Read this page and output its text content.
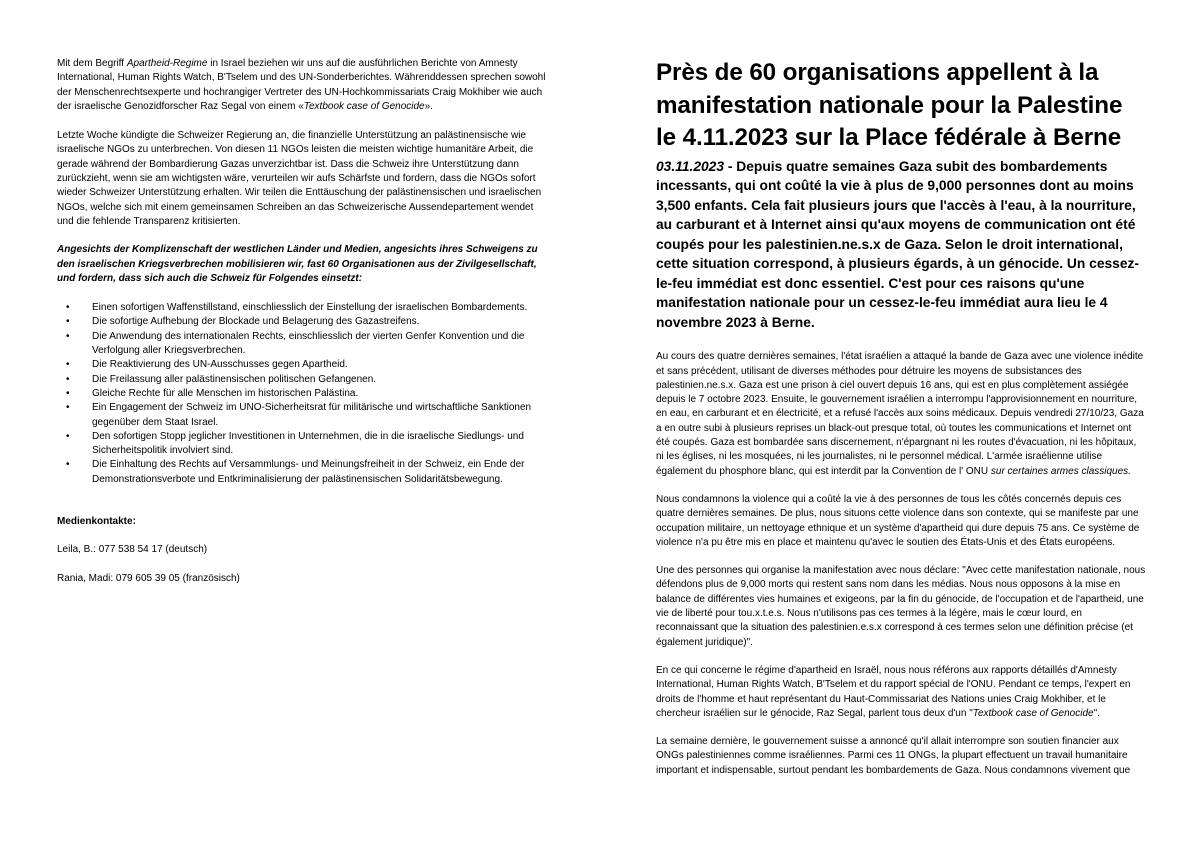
Mit dem Begriff Apartheid-Regime in Israel beziehen wir uns auf die ausführlichen Berichte von Amnesty International, Human Rights Watch, B'Tselem und des UN-Sonderberichtes. Währenddessen sprechen sowohl der Menschenrechtsexperte und hochrangiger Vertreter des UN-Hochkommissariats Craig Mokhiber wie auch der israelische Genozidforscher Raz Segal von einem «Textbook case of Genocide».

Letzte Woche kündigte die Schweizer Regierung an, die finanzielle Unterstützung an palästinensische wie israelische NGOs zu unterbrechen. Von diesen 11 NGOs leisten die meisten wichtige humanitäre Arbeit, die gerade während der Bombardierung Gazas unverzichtbar ist. Dass die Schweiz ihre Unterstützung dann zurückzieht, wenn sie am wichtigsten wäre, verurteilen wir aufs Schärfste und fordern, dass die NGOs sofort wieder Schweizer Unterstützung erhalten. Wir teilen die Enttäuschung der palästinensischen und israelischen NGOs, welche sich mit einem gemeinsamen Schreiben an das Schweizerische Aussendepartement wendet und die fehlende Transparenz kritisierten.

Angesichts der Komplizenschaft der westlichen Länder und Medien, angesichts ihres Schweigens zu den israelischen Kriegsverbrechen mobilisieren wir, fast 60 Organisationen aus der Zivilgesellschaft, und fordern, dass sich auch die Schweiz für Folgendes einsetzt:

• Einen sofortigen Waffenstillstand, einschliesslich der Einstellung der israelischen Bombardements.
• Die sofortige Aufhebung der Blockade und Belagerung des Gazastreifens.
• Die Anwendung des internationalen Rechts, einschliesslich der vierten Genfer Konvention und die Verfolgung aller Kriegsverbrechen.
• Die Reaktivierung des UN-Ausschusses gegen Apartheid.
• Die Freilassung aller palästinensischen politischen Gefangenen.
• Gleiche Rechte für alle Menschen im historischen Palästina.
• Ein Engagement der Schweiz im UNO-Sicherheitsrat für militärische und wirtschaftliche Sanktionen gegenüber dem Staat Israel.
• Den sofortigen Stopp jeglicher Investitionen in Unternehmen, die in die israelische Siedlungs- und Sicherheitspolitik involviert sind.
• Die Einhaltung des Rechts auf Versammlungs- und Meinungsfreiheit in der Schweiz, ein Ende der Demonstrationsverbote und Entkriminalisierung der palästinensischen Solidaritätsbewegung.

Medienkontakte:

Leila, B.: 077 538 54 17 (deutsch)

Rania, Madi: 079 605 39 05 (französisch)

Près de 60 organisations appellent à la manifestation nationale pour la Palestine le 4.11.2023 sur la Place fédérale à Berne

03.11.2023 - Depuis quatre semaines Gaza subit des bombardements incessants, qui ont coûté la vie à plus de 9,000 personnes dont au moins 3,500 enfants. Cela fait plusieurs jours que l'accès à l'eau, à la nourriture, au carburant et à Internet ainsi qu'aux moyens de communication ont été coupés pour les palestinien.ne.s.x de Gaza. Selon le droit international, cette situation correspond, à plusieurs égards, à un génocide. Un cessez-le-feu immédiat est donc essentiel. C'est pour ces raisons qu'une manifestation nationale pour un cessez-le-feu immédiat aura lieu le 4 novembre 2023 à Berne.

Au cours des quatre dernières semaines, l'état israélien a attaqué la bande de Gaza avec une violence inédite et sans précédent, utilisant de diverses méthodes pour détruire les moyens de subsistances des palestinien.ne.s.x. Gaza est une prison à ciel ouvert depuis 16 ans, qui est en plus complètement assiégée depuis le 7 octobre 2023. Ensuite, le gouvernement israélien a interrompu l'approvisionnement en nourriture, en eau, en carburant et en électricité, et a refusé l'accès aux soins médicaux. Depuis vendredi 27/10/23, Gaza a en outre subi à plusieurs reprises un black-out presque total, où toutes les communications et Internet ont été coupés. Gaza est bombardée sans discernement, n'épargnant ni les routes d'évacuation, ni les hôpitaux, ni les églises, ni les mosquées, ni les journalistes, ni le personnel médical. L'armée israélienne utilise également du phosphore blanc, qui est interdit par la Convention de l' ONU sur certaines armes classiques.

Nous condamnons la violence qui a coûté la vie à des personnes de tous les côtés concernés depuis ces quatre dernières semaines. De plus, nous situons cette violence dans son contexte, qui se manifeste par une occupation militaire, un nettoyage ethnique et un système d'apartheid qui dure depuis 75 ans. Ce système de violence n'a pu être mis en place et maintenu qu'avec le soutien des États-Unis et des États européens.

Une des personnes qui organise la manifestation avec nous déclare: "Avec cette manifestation nationale, nous défendons plus de 9,000 morts qui restent sans nom dans les médias. Nous nous opposons à la mise en balance de différentes vies humaines et exigeons, par la fin du génocide, de l'occupation et de l'apartheid, une vie de liberté pour tou.x.t.e.s. Nous n'utilisons pas ces termes à la légère, mais le cœur lourd, en reconnaissant que la situation des palestinien.e.s.x correspond à ces termes selon une définition précise (et également juridique)".

En ce qui concerne le régime d'apartheid en Israël, nous nous référons aux rapports détaillés d'Amnesty International, Human Rights Watch, B'Tselem et du rapport spécial de l'ONU. Pendant ce temps, l'expert en droits de l'homme et haut représentant du Haut-Commissariat des Nations unies Craig Mokhiber, et le chercheur israélien sur le génocide, Raz Segal, parlent tous deux d'un "Textbook case of Genocide".

La semaine dernière, le gouvernement suisse a annoncé qu'il allait interrompre son soutien financier aux ONGs palestiniennes comme israéliennes. Parmi ces 11 ONGs, la plupart effectuent un travail humanitaire important et indispensable, surtout pendant les bombardements de Gaza. Nous condamnons vivement que
